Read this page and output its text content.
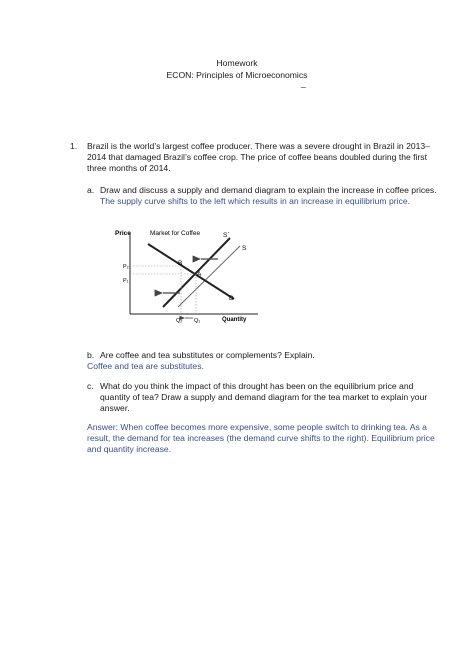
Homework
ECON: Principles of Microeconomics
_
1. Brazil is the world’s largest coffee producer. There was a severe drought in Brazil in 2013–
2014 that damaged Brazil’s coffee crop. The price of coffee beans doubled during the first
three months of 2014.
a. Draw and discuss a supply and demand diagram to explain the increase in coffee prices.
The supply curve shifts to the left which results in an increase in equilibrium price.
Price	Market for Coffee
Quantity
S`
S
D
B
A
P₂
P₁
Q₂ Q₁
b. Are coffee and tea substitutes or complements? Explain.
Coffee and tea are substitutes.
c. What do you think the impact of this drought has been on the equilibrium price and
quantity of tea? Draw a supply and demand diagram for the tea market to explain your
answer.
Answer: When coffee becomes more expensive, some people switch to drinking tea. As a
result, the demand for tea increases (the demand curve shifts to the right). Equilibrium price
and quantity increase.
